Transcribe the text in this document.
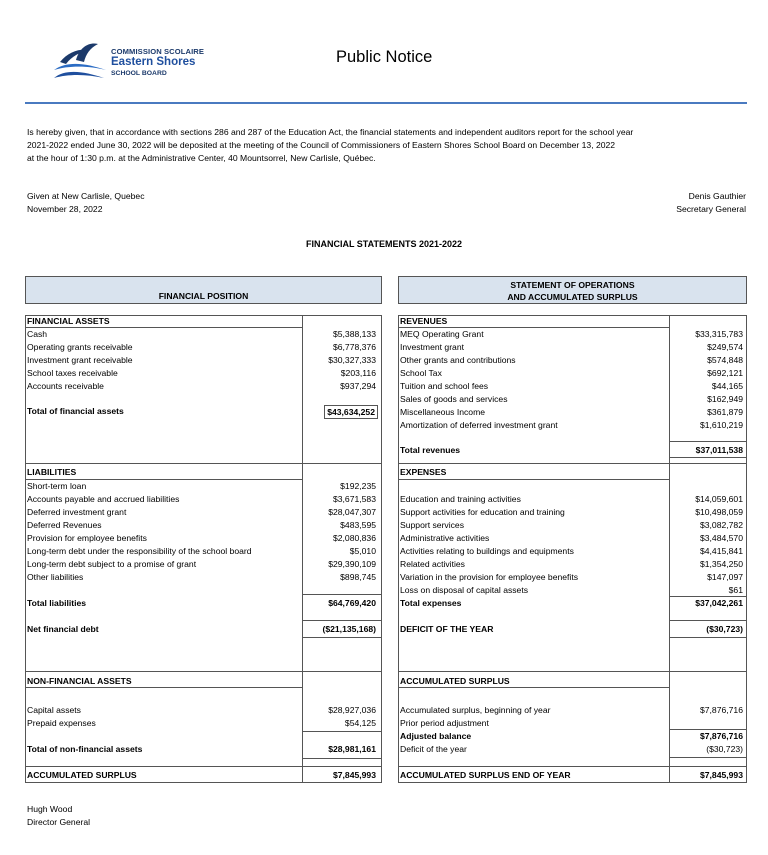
COMMISSION SCOLAIRE
Eastern Shores
SCHOOL BOARD
Public Notice
Is hereby given, that in accordance with sections 286 and 287 of the Education Act, the financial statements and independent auditors report for the school year
2021-2022 ended June 30, 2022 will be deposited at the meeting of the Council of Commissioners of Eastern Shores School Board on December 13, 2022
at the hour of 1:30 p.m. at the Administrative Center, 40 Mountsorrel, New Carlisle, Québec.
Given at New Carlisle, Quebec
November 28, 2022
Denis Gauthier
Secretary General
FINANCIAL STATEMENTS 2021-2022
FINANCIAL POSITION
FINANCIAL ASSETS
Cash	$5,388,133
Operating grants receivable	$6,778,376
Investment grant receivable	$30,327,333
School taxes receivable	$203,116
Accounts receivable	$937,294
Total of financial assets	$43,634,252
LIABILITIES
Short-term loan	$192,235
Accounts payable and accrued liabilities	$3,671,583
Deferred investment grant	$28,047,307
Deferred Revenues	$483,595
Provision for employee benefits	$2,080,836
Long-term debt under the responsibility of the school board	$5,010
Long-term debt subject to a promise of grant	$29,390,109
Other liabilities	$898,745
Total liabilities	$64,769,420
Net financial debt	($21,135,168)
NON-FINANCIAL ASSETS
Capital assets	$28,927,036
Prepaid expenses	$54,125
Total of non-financial assets	$28,981,161
ACCUMULATED SURPLUS	$7,845,993
STATEMENT OF OPERATIONS
AND ACCUMULATED SURPLUS
REVENUES
MEQ Operating Grant	$33,315,783
Investment grant	$249,574
Other grants and contributions	$574,848
School Tax	$692,121
Tuition and school fees	$44,165
Sales of goods and services	$162,949
Miscellaneous Income	$361,879
Amortization of deferred investment grant	$1,610,219
Total revenues	$37,011,538
EXPENSES
Education and training activities	$14,059,601
Support activities for education and training	$10,498,059
Support services	$3,082,782
Administrative activities	$3,484,570
Activities relating to buildings and equipments	$4,415,841
Related activities	$1,354,250
Variation in the provision for employee benefits	$147,097
Loss on disposal of capital assets	$61
Total expenses	$37,042,261
DEFICIT OF THE YEAR	($30,723)
ACCUMULATED SURPLUS
Accumulated surplus, beginning of year	$7,876,716
Prior period adjustment
Adjusted balance	$7,876,716
Deficit of the year	($30,723)
ACCUMULATED SURPLUS END OF YEAR	$7,845,993
Hugh Wood
Director General
